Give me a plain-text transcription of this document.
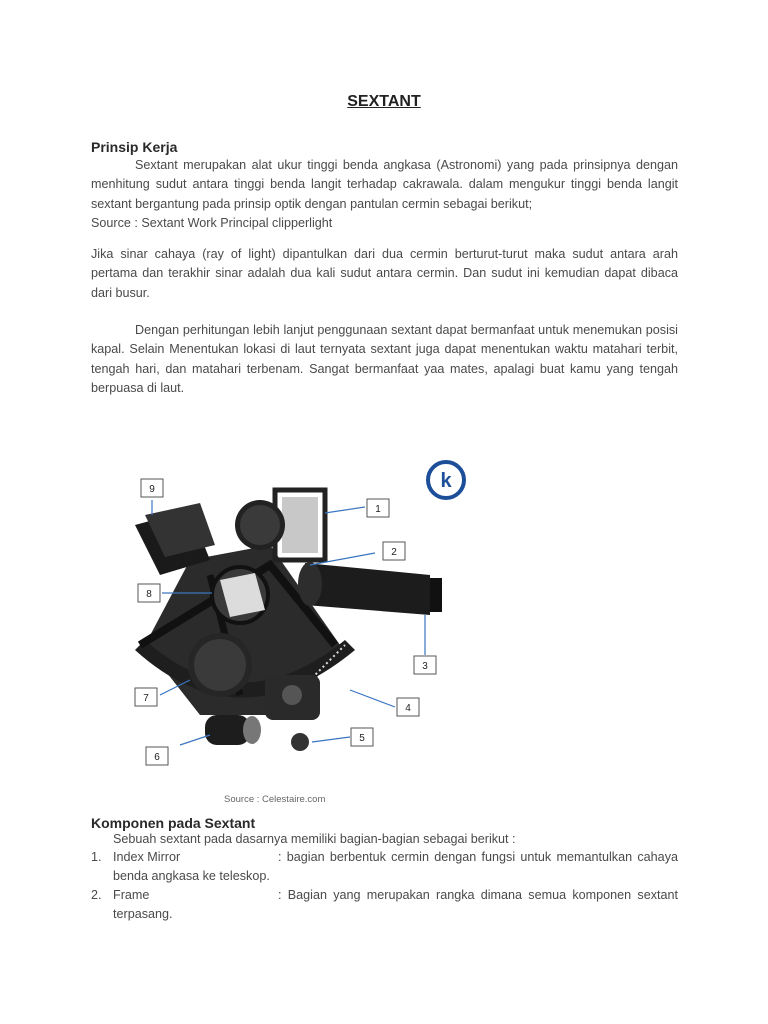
SEXTANT
Prinsip Kerja
Sextant merupakan alat ukur tinggi benda angkasa (Astronomi) yang pada prinsipnya dengan menhitung sudut antara tinggi benda langit terhadap cakrawala. dalam mengukur tinggi benda langit sextant bergantung pada prinsip optik dengan pantulan cermin sebagai berikut;
Source : Sextant Work Principal clipperlight
Jika sinar cahaya (ray of light) dipantulkan dari dua cermin berturut-turut maka sudut antara arah pertama dan terakhir sinar adalah dua kali sudut antara cermin. Dan sudut ini kemudian dapat dibaca dari busur.
Dengan perhitungan lebih lanjut penggunaan sextant dapat bermanfaat untuk menemukan posisi kapal. Selain Menentukan lokasi di laut ternyata sextant juga dapat menentukan waktu matahari terbit, tengah hari, dan matahari terbenam. Sangat bermanfaat yaa mates, apalagi buat kamu yang tengah berpuasa di laut.
k
9
1
2
8
3
7
4
5
6
Source : Celestaire.com
Komponen pada Sextant
Sebuah sextant pada dasarnya memiliki bagian-bagian sebagai berikut :
1. Index Mirror	: bagian berbentuk cermin dengan fungsi untuk memantulkan cahaya benda angkasa ke teleskop.
2. Frame	: Bagian yang merupakan rangka dimana semua komponen sextant terpasang.
